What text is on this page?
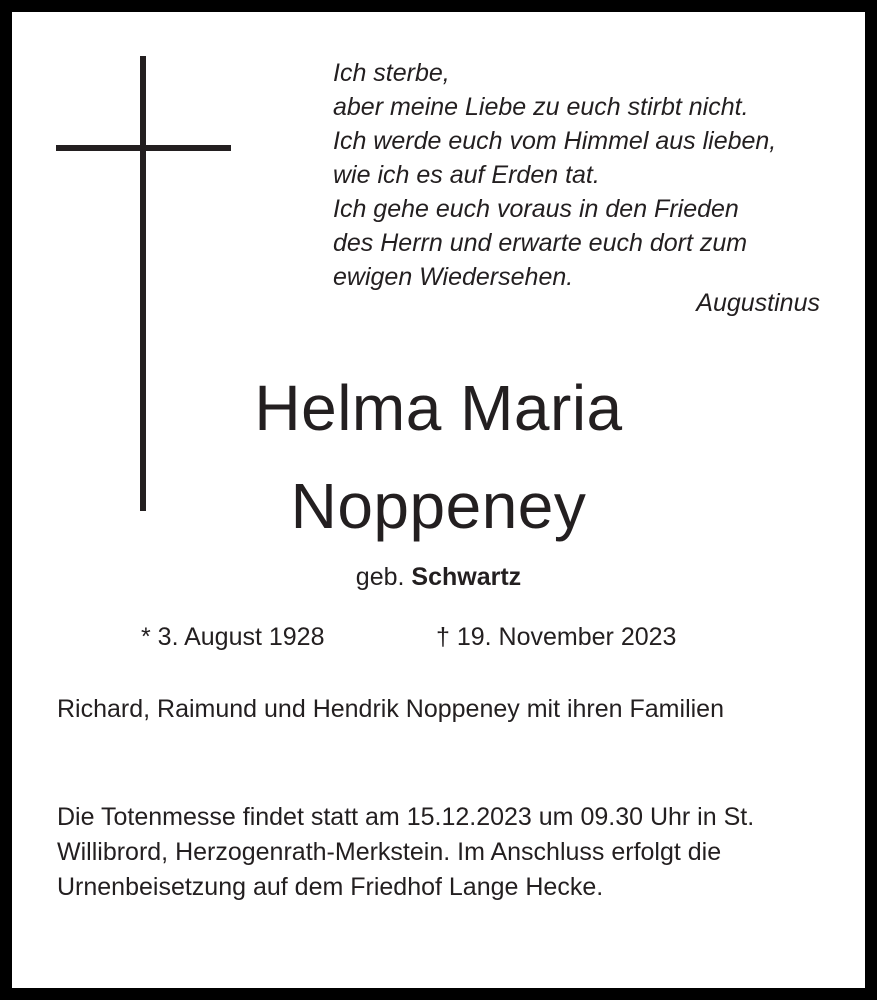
Ich sterbe,
aber meine Liebe zu euch stirbt nicht.
Ich werde euch vom Himmel aus lieben,
wie ich es auf Erden tat.
Ich gehe euch voraus in den Frieden
des Herrn und erwarte euch dort zum
ewigen Wiedersehen.
Augustinus
Helma Maria
Noppeney
geb. Schwartz
* 3. August 1928	† 19. November 2023
Richard, Raimund und Hendrik Noppeney mit ihren Familien
Die Totenmesse findet statt am 15.12.2023 um 09.30 Uhr in St. Willibrord, Herzogenrath-Merkstein. Im Anschluss erfolgt die Urnenbeisetzung auf dem Friedhof Lange Hecke.
